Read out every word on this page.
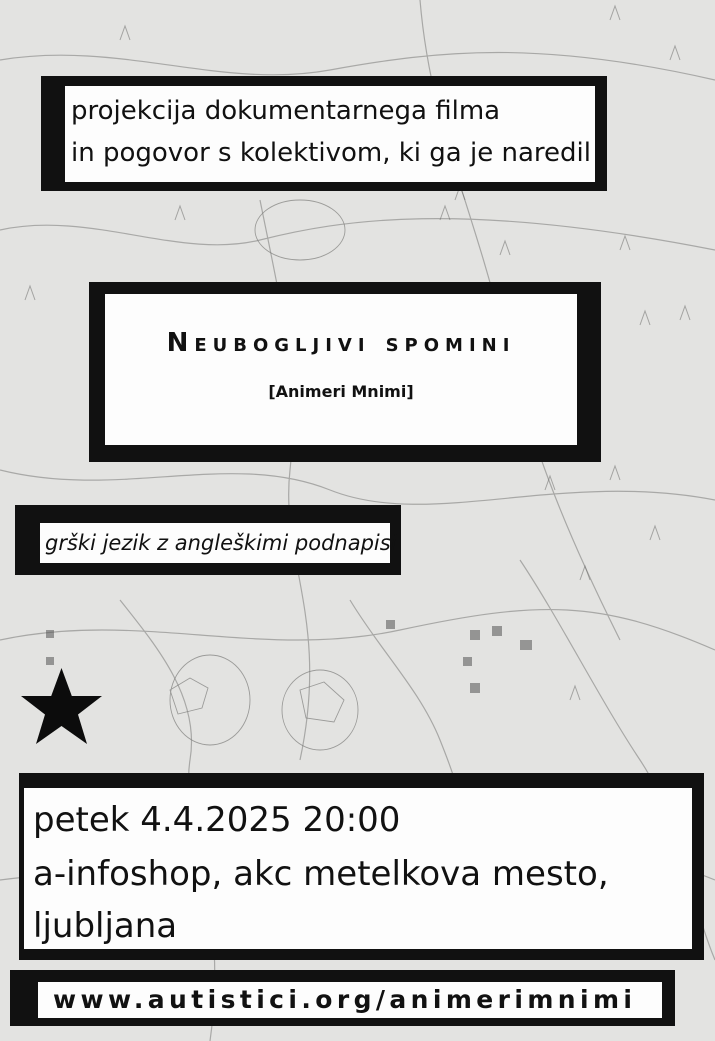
projekcija dokumentarnega filma
in pogovor s kolektivom, ki ga je naredil
Neuboglјivi spomini
[Animeri Mnimi]
grški jezik z angleškimi podnapisi
petek 4.4.2025 20:00
a-infoshop, akc metelkova mesto,
ljubljana
www.autistici.org/animerimnimi
